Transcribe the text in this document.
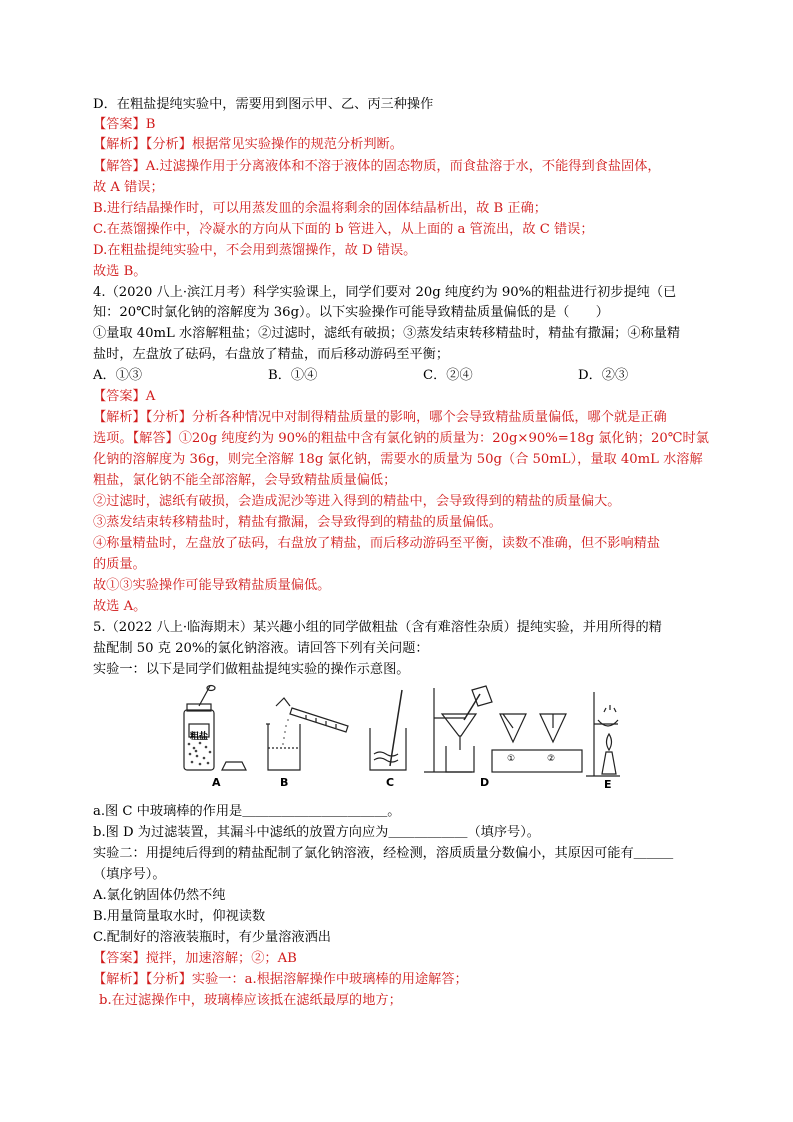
D．在粗盐提纯实验中，需要用到图示甲、乙、丙三种操作
【答案】B
【解析】【分析】根据常见实验操作的规范分析判断。
【解答】A.过滤操作用于分离液体和不溶于液体的固态物质，而食盐溶于水，不能得到食盐固体，
故 A 错误；
B.进行结晶操作时，可以用蒸发皿的余温将剩余的固体结晶析出，故 B 正确；
C.在蒸馏操作中，冷凝水的方向从下面的 b 管进入，从上面的 a 管流出，故 C 错误；
D.在粗盐提纯实验中，不会用到蒸馏操作，故 D 错误。
故选 B。
4.（2020 八上·滨江月考）科学实验课上，同学们要对 20g 纯度约为 90%的粗盐进行初步提纯（已
知：20℃时氯化钠的溶解度为 36g）。以下实验操作可能导致精盐质量偏低的是（　　）
①量取 40mL 水溶解粗盐；②过滤时，滤纸有破损；③蒸发结束转移精盐时，精盐有撒漏；④称量精
盐时，左盘放了砝码，右盘放了精盐，而后移动游码至平衡；
A．①③	B．①④	C．②④	D．②③
【答案】A
【解析】【分析】分析各种情况中对制得精盐质量的影响，哪个会导致精盐质量偏低，哪个就是正确
选项。【解答】①20g 纯度约为 90%的粗盐中含有氯化钠的质量为：20g×90%=18g 氯化钠；20℃时氯
化钠的溶解度为 36g，则完全溶解 18g 氯化钠，需要水的质量为 50g（合 50mL），量取 40mL 水溶解
粗盐，氯化钠不能全部溶解，会导致精盐质量偏低；
②过滤时，滤纸有破损，会造成泥沙等进入得到的精盐中，会导致得到的精盐的质量偏大。
③蒸发结束转移精盐时，精盐有撒漏，会导致得到的精盐的质量偏低。
④称量精盐时，左盘放了砝码，右盘放了精盐，而后移动游码至平衡，读数不准确，但不影响精盐
的质量。
故①③实验操作可能导致精盐质量偏低。
故选 A。
5.（2022 八上·临海期末）某兴趣小组的同学做粗盐（含有难溶性杂质）提纯实验，并用所得的精
盐配制 50 克 20%的氯化钠溶液。请回答下列有关问题：
实验一：以下是同学们做粗盐提纯实验的操作示意图。
粗盐
A	B	C	D	E
①	②
a.图 C 中玻璃棒的作用是＿＿＿＿＿＿＿＿＿＿＿。
b.图 D 为过滤装置，其漏斗中滤纸的放置方向应为＿＿＿＿＿＿（填序号）。
实验二：用提纯后得到的精盐配制了氯化钠溶液，经检测，溶质质量分数偏小，其原因可能有＿＿＿
（填序号）。
A.氯化钠固体仍然不纯
B.用量筒量取水时，仰视读数
C.配制好的溶液装瓶时，有少量溶液洒出
【答案】搅拌，加速溶解；②；AB
【解析】【分析】实验一：a.根据溶解操作中玻璃棒的用途解答；
b.在过滤操作中，玻璃棒应该抵在滤纸最厚的地方；
